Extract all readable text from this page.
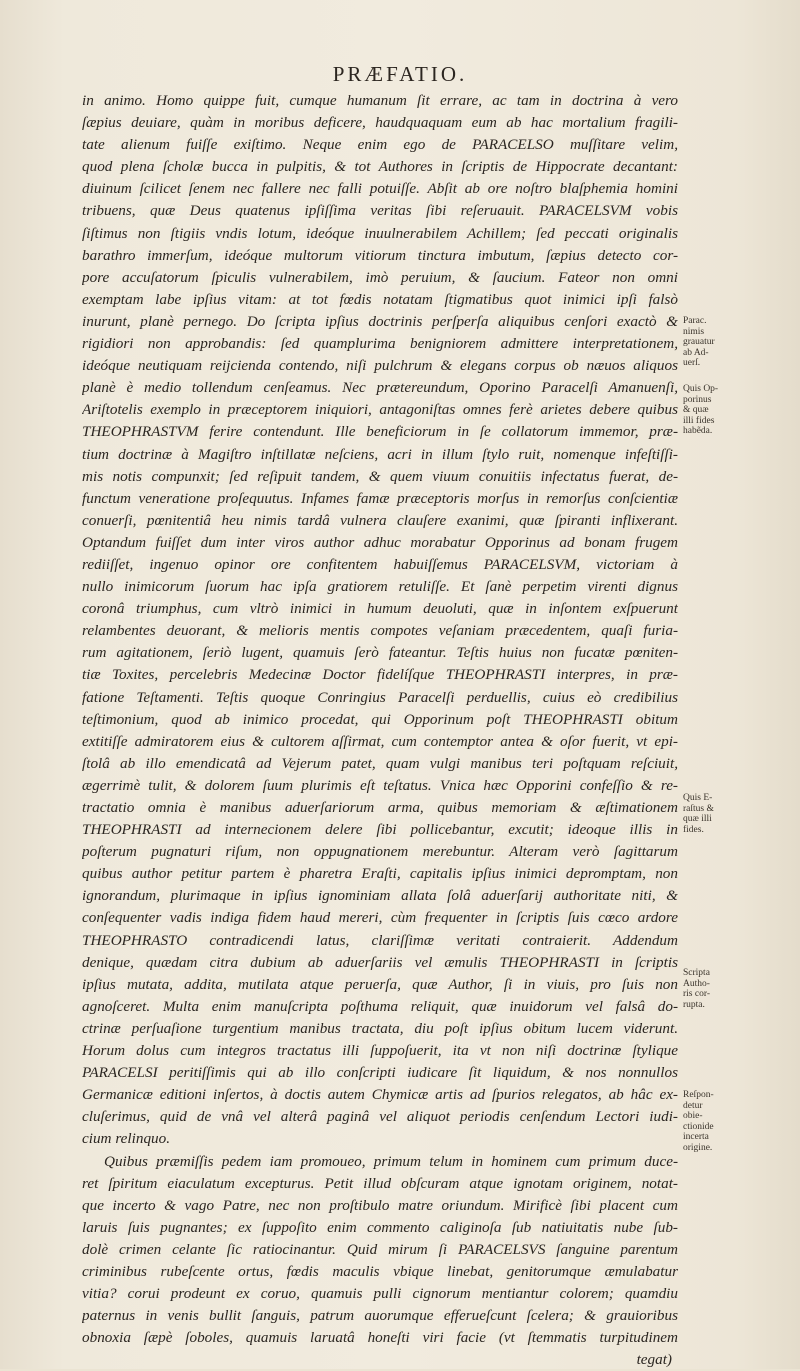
PRÆFATIO.
in animo. Homo quippe fuit, cumque humanum ſit errare, ac tam in doctrina à vero
ſæpius deuiare, quàm in moribus deficere, haudquaquam eum ab hac mortalium fragili-
tate alienum fuiſſe exiſtimo. Neque enim ego de PARACELSO muſſitare velim,
quod plena ſcholæ bucca in pulpitis, & tot Authores in ſcriptis de Hippocrate decantant:
diuinum ſcilicet ſenem nec fallere nec falli potuiſſe. Abſit ab ore noſtro blaſphemia homini
tribuens, quæ Deus quatenus ipſiſſima veritas ſibi reſeruauit. PARACELSVM vobis
ſiſtimus non ſtigiis vndis lotum, ideóque inuulnerabilem Achillem; ſed peccati originalis
barathro immerſum, ideóque multorum vitiorum tinctura imbutum, ſæpius detecto cor-
pore accuſatorum ſpiculis vulnerabilem, imò peruium, & ſaucium. Fateor non omni
exemptam labe ipſius vitam: at tot fœdis notatam ſtigmatibus quot inimici ipſi falsò
inurunt, planè pernego. Do ſcripta ipſius doctrinis perſperſa aliquibus cenſori exactò &
rigidiori non approbandis: ſed quamplurima benigniorem admittere interpretationem,
ideóque neutiquam reijcienda contendo, niſi pulchrum & elegans corpus ob næuos aliquos
planè è medio tollendum cenſeamus. Nec prætereundum, Oporino Paracelſi Amanuenſi,
Ariſtotelis exemplo in præceptorem iniquiori, antagoniſtas omnes ferè arietes debere quibus
THEOPHRASTVM ferire contendunt. Ille beneficiorum in ſe collatorum immemor, præ-
tium doctrinæ à Magiſtro inſtillatæ neſciens, acri in illum ſtylo ruit, nomenque infeſtiſſi-
mis notis compunxit; ſed reſipuit tandem, & quem viuum conuitiis infectatus fuerat, de-
functum veneratione proſequutus. Infames famæ præceptoris morſus in remorſus conſcientiæ
conuerſi, pœnitentiâ heu nimis tardâ vulnera clauſere exanimi, quæ ſpiranti inflixerant.
Optandum fuiſſet dum inter viros author adhuc morabatur Opporinus ad bonam frugem
rediiſſet, ingenuo opinor ore confitentem habuiſſemus PARACELSVM, victoriam à
nullo inimicorum ſuorum hac ipſa gratiorem retuliſſe. Et ſanè perpetim virenti dignus
coronâ triumphus, cum vltrò inimici in humum deuoluti, quæ in inſontem exſpuerunt
relambentes deuorant, & melioris mentis compotes veſaniam præcedentem, quaſi furia-
rum agitationem, ſeriò lugent, quamuis ſerò fateantur. Teſtis huius non fucatæ pœniten-
tiæ Toxites, percelebris Medecinæ Doctor fidelíſque THEOPHRASTI interpres, in præ-
fatione Teſtamenti. Teſtis quoque Conringius Paracelſi perduellis, cuius eò credibilius
teſtimonium, quod ab inimico procedat, qui Opporinum poſt THEOPHRASTI obitum
extitiſſe admiratorem eius & cultorem aſſirmat, cum contemptor antea & oſor fuerit, vt epi-
ſtolâ ab illo emendicatâ ad Vejerum patet, quam vulgi manibus teri poſtquam reſciuit,
ægerrimè tulit, & dolorem ſuum plurimis eſt teſtatus. Vnica hæc Opporini confeſſio & re-
tractatio omnia è manibus aduerſariorum arma, quibus memoriam & æſtimationem
THEOPHRASTI ad internecionem delere ſibi pollicebantur, excutit; ideoque illis in
poſterum pugnaturi riſum, non oppugnationem merebuntur. Alteram verò ſagittarum
quibus author petitur partem è pharetra Eraſti, capitalis ipſius inimici depromptam, non
ignorandum, plurimaque in ipſius ignominiam allata ſolâ aduerſarij authoritate niti, &
conſequenter vadis indiga fidem haud mereri, cùm frequenter in ſcriptis ſuis cœco ardore
THEOPHRASTO contradicendi latus, clariſſimæ veritati contraierit. Addendum
denique, quædam citra dubium ab aduerſariis vel æmulis THEOPHRASTI in ſcriptis
ipſius mutata, addita, mutilata atque peruerſa, quæ Author, ſi in viuis, pro ſuis non
agnoſceret. Multa enim manuſcripta poſthuma reliquit, quæ inuidorum vel falsâ do-
ctrinæ perſuaſione turgentium manibus tractata, diu poſt ipſius obitum lucem viderunt.
Horum dolus cum integros tractatus illi ſuppoſuerit, ita vt non niſi doctrinæ ſtylique
PARACELSI peritiſſimis qui ab illo conſcripti iudicare ſit liquidum, & nos nonnullos
Germanicæ editioni inſertos, à doctis autem Chymicæ artis ad ſpurios relegatos, ab hâc ex-
cluſerimus, quid de vnâ vel alterâ paginâ vel aliquot periodis cenſendum Lectori iudi-
cium relinquo.
Quibus præmiſſis pedem iam promoueo, primum telum in hominem cum primum duce-
ret ſpiritum eiaculatum excepturus. Petit illud obſcuram atque ignotam originem, notat-
que incerto & vago Patre, nec non proſtibulo matre oriundum. Mirificè ſibi placent cum
laruis ſuis pugnantes; ex ſuppoſito enim commento caliginoſa ſub natiuitatis nube ſub-
dolè crimen celante ſic ratiocinantur. Quid mirum ſi PARACELSVS ſanguine parentum
criminibus rubeſcente ortus, fœdis maculis vbique linebat, genitorumque æmulabatur
vitia? corui prodeunt ex coruo, quamuis pulli cignorum mentiantur colorem; quamdiu
paternus in venis bullit ſanguis, patrum auorumque efferueſcunt ſcelera; & grauioribus
obnoxia ſæpè ſoboles, quamuis laruatâ honeſti viri facie (vt ſtemmatis turpitudinem
tegat)
Parac.
nimis
grauatur
ab Ad-
uerſ.
Quis Op-
porinus
& quæ
illi fides
habẽda.
Quis E-
raſtus &
quæ illi
fides.
Scripta
Autho-
ris cor-
rupta.
Reſpon-
detur
obie-
ctionide
incerta
origine.
